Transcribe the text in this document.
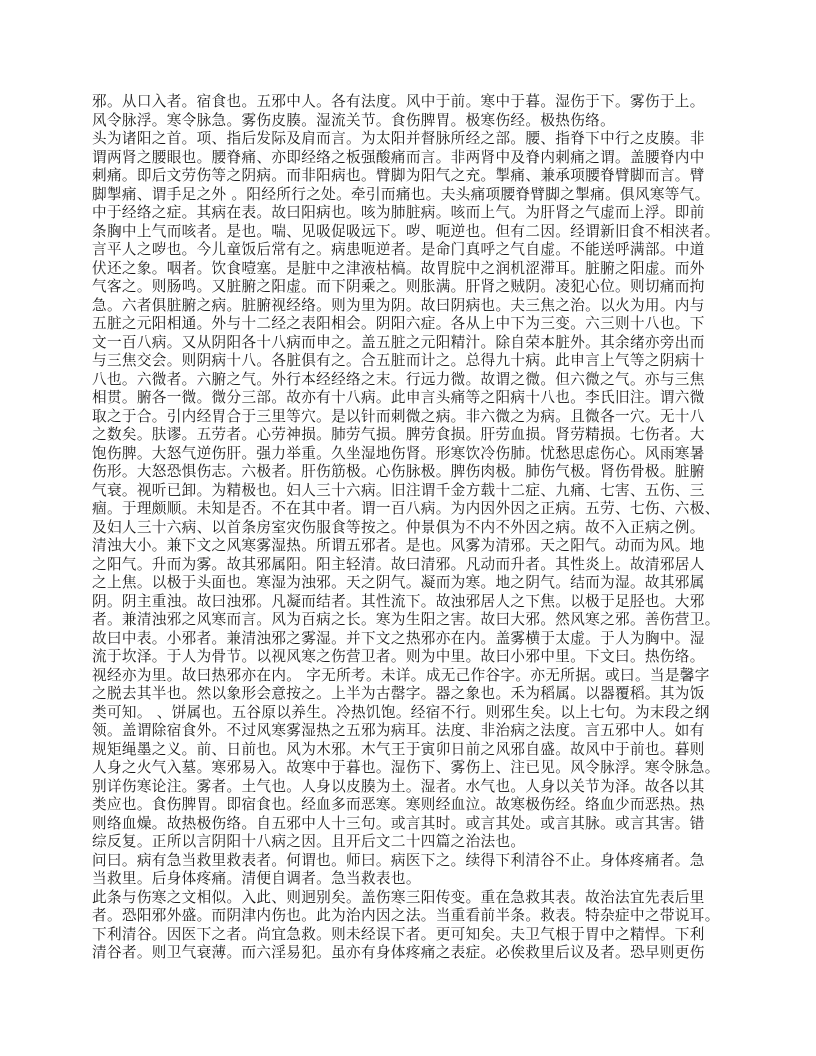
邪。从口入者。宿食也。五邪中人。各有法度。风中于前。寒中于暮。湿伤于下。雾伤于上。
风令脉浮。寒令脉急。雾伤皮腠。湿流关节。食伤脾胃。极寒伤经。极热伤络。
头为诸阳之首。项、指后发际及肩而言。为太阳并督脉所经之部。腰、指脊下中行之皮腠。非
谓两肾之腰眼也。腰脊痛、亦即经络之板强酸痛而言。非两肾中及脊内刺痛之谓。盖腰脊内中
刺痛。即后文劳伤等之阴病。而非阳病也。臂脚为阳气之充。掣痛、兼承项腰脊臂脚而言。臂
脚掣痛、谓手足之外 。阳经所行之处。牵引而痛也。夫头痛项腰脊臂脚之掣痛。俱风寒等气。
中于经络之症。其病在表。故曰阳病也。咳为肺脏病。咳而上气。为肝肾之气虚而上浮。即前
条胸中上气而咳者。是也。喘、见吸促吸远下。哕、呃逆也。但有二因。经谓新旧食不相浃者。
言平人之哕也。今儿童饭后常有之。病患呃逆者。是命门真呼之气自虚。不能送呼满部。中道
伏还之象。咽者。饮食噎塞。是脏中之津液枯槁。故胃脘中之润机涩滞耳。脏腑之阳虚。而外
气客之。则肠鸣。又脏腑之阳虚。而下阴乘之。则胀满。肝肾之贼阴。凌犯心位。则切痛而拘
急。六者俱脏腑之病。脏腑视经络。则为里为阴。故曰阴病也。夫三焦之治。以火为用。内与
五脏之元阳相通。外与十二经之表阳相会。阴阳六症。各从上中下为三变。六三则十八也。下
文一百八病。又从阴阳各十八病而申之。盖五脏之元阳精汁。除自荣本脏外。其余绪亦旁出而
与三焦交会。则阴病十八。各脏俱有之。合五脏而计之。总得九十病。此申言上气等之阴病十
八也。六微者。六腑之气。外行本经经络之末。行远力微。故谓之微。但六微之气。亦与三焦
相贯。腑各一微。微分三部。故亦有十八病。此申言头痛等之阳病十八也。李氏旧注。谓六微
取之于合。引内经胃合于三里等穴。是以针而刺微之病。非六微之为病。且微各一穴。无十八
之数矣。肤谬。五劳者。心劳神损。肺劳气损。脾劳食损。肝劳血损。肾劳精损。七伤者。大
饱伤脾。大怒气逆伤肝。强力举重。久坐湿地伤肾。形寒饮冷伤肺。忧愁思虑伤心。风雨寒暑
伤形。大怒恐惧伤志。六极者。肝伤筋极。心伤脉极。脾伤肉极。肺伤气极。肾伤骨极。脏腑
气衰。视听已卸。为精极也。妇人三十六病。旧注谓千金方载十二症、九痛、七害、五伤、三
痼。于理颇顺。未知是否。不在其中者。谓一百八病。为内因外因之正病。五劳、七伤、六极、
及妇人三十六病、以首条房室灾伤服食等按之。仲景俱为不内不外因之病。故不入正病之例。
清浊大小。兼下文之风寒雾湿热。所谓五邪者。是也。风雾为清邪。天之阳气。动而为风。地
之阳气。升而为雾。故其邪属阳。阳主轻清。故曰清邪。凡动而升者。其性炎上。故清邪居人
之上焦。以极于头面也。寒湿为浊邪。天之阴气。凝而为寒。地之阴气。结而为湿。故其邪属
阴。阴主重浊。故曰浊邪。凡凝而结者。其性流下。故浊邪居人之下焦。以极于足胫也。大邪
者。兼清浊邪之风寒而言。风为百病之长。寒为生阳之害。故曰大邪。然风寒之邪。善伤营卫。
故曰中表。小邪者。兼清浊邪之雾湿。并下文之热邪亦在内。盖雾横于太虚。于人为胸中。湿
流于坎泽。于人为骨节。以视风寒之伤营卫者。则为中里。故曰小邪中里。下文曰。热伤络。
视经亦为里。故曰热邪亦在内。 字无所考。未详。成无己作谷字。亦无所据。或曰。当是馨字
之脱去其半也。然以象形会意按之。上半为古罄字。器之象也。禾为稻属。以器覆稻。其为饭
类可知。 、饼属也。五谷原以养生。冷热饥饱。经宿不行。则邪生矣。以上七句。为末段之纲
领。盖谓除宿食外。不过风寒雾湿热之五邪为病耳。法度、非治病之法度。言五邪中人。如有
规矩绳墨之义。前、日前也。风为木邪。木气王于寅卯日前之风邪自盛。故风中于前也。暮则
人身之火气入墓。寒邪易入。故寒中于暮也。湿伤下、雾伤上、注已见。风令脉浮。寒令脉急。
别详伤寒论注。雾者。土气也。人身以皮腠为土。湿者。水气也。人身以关节为泽。故各以其
类应也。食伤脾胃。即宿食也。经血多而恶寒。寒则经血泣。故寒极伤经。络血少而恶热。热
则络血燥。故热极伤络。自五邪中人十三句。或言其时。或言其处。或言其脉。或言其害。错
综反复。正所以言阴阳十八病之因。且开后文二十四篇之治法也。
问曰。病有急当救里救表者。何谓也。师曰。病医下之。续得下利清谷不止。身体疼痛者。急
当救里。后身体疼痛。清便自调者。急当救表也。
此条与伤寒之文相似。入此、则迥别矣。盖伤寒三阳传变。重在急救其表。故治法宜先表后里
者。恐阳邪外盛。而阴津内伤也。此为治内因之法。当重看前半条。救表。特杂症中之带说耳。
下利清谷。因医下之者。尚宜急救。则未经误下者。更可知矣。夫卫气根于胃中之精悍。下利
清谷者。则卫气衰薄。而六淫易犯。虽亦有身体疼痛之表症。必俟救里后议及者。恐早则更伤
